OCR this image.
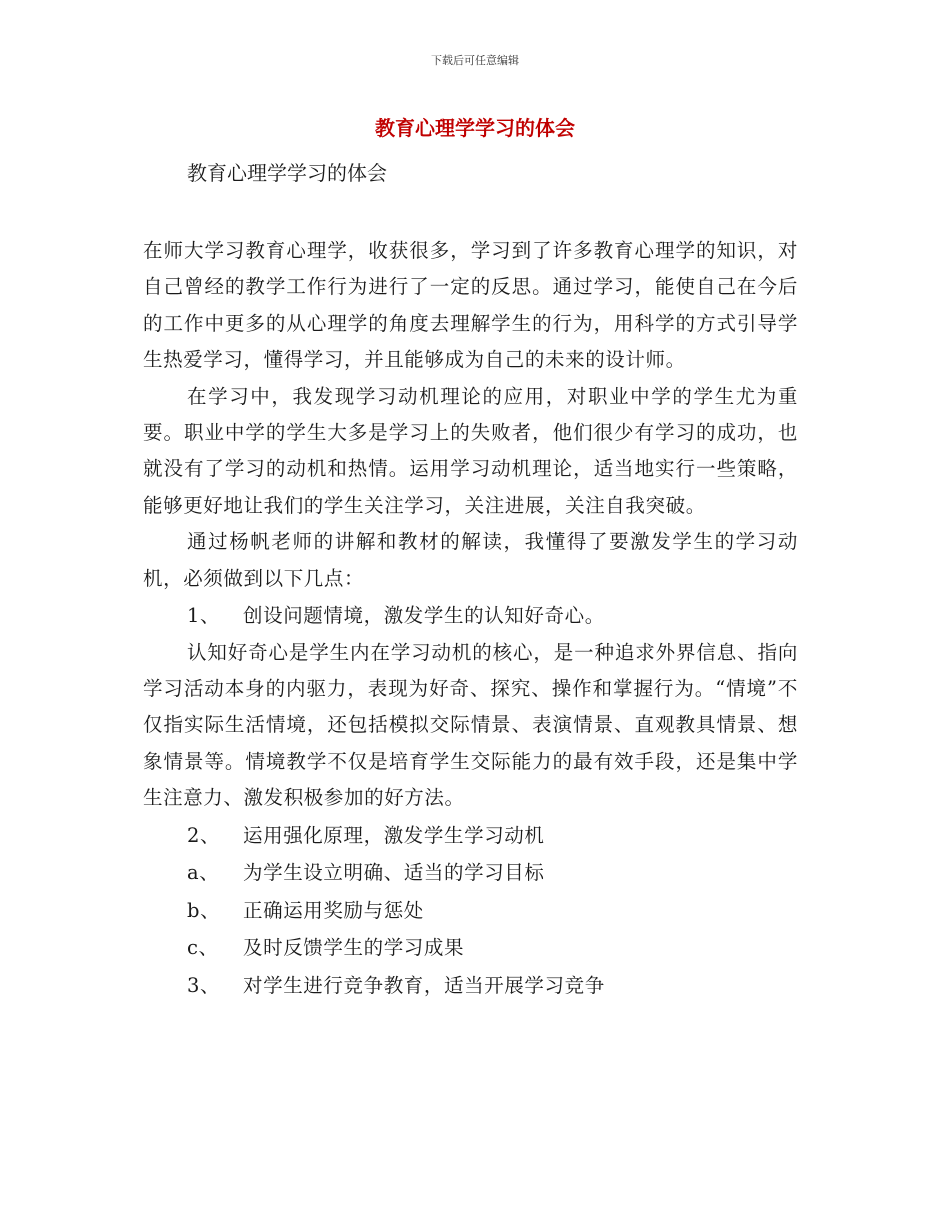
下载后可任意编辑
教育心理学学习的体会
教育心理学学习的体会

在师大学习教育心理学，收获很多，学习到了许多教育心理学的知识，对自己曾经的教学工作行为进行了一定的反思。通过学习，能使自己在今后的工作中更多的从心理学的角度去理解学生的行为，用科学的方式引导学生热爱学习，懂得学习，并且能够成为自己的未来的设计师。

在学习中，我发现学习动机理论的应用，对职业中学的学生尤为重要。职业中学的学生大多是学习上的失败者，他们很少有学习的成功，也就没有了学习的动机和热情。运用学习动机理论，适当地实行一些策略，能够更好地让我们的学生关注学习，关注进展，关注自我突破。

通过杨帆老师的讲解和教材的解读，我懂得了要激发学生的学习动机，必须做到以下几点：

1、 创设问题情境，激发学生的认知好奇心。

认知好奇心是学生内在学习动机的核心，是一种追求外界信息、指向学习活动本身的内驱力，表现为好奇、探究、操作和掌握行为。“情境”不仅指实际生活情境，还包括模拟交际情景、表演情景、直观教具情景、想象情景等。情境教学不仅是培育学生交际能力的最有效手段，还是集中学生注意力、激发积极参加的好方法。

2、 运用强化原理，激发学生学习动机

a、 为学生设立明确、适当的学习目标

b、 正确运用奖励与惩处

c、 及时反馈学生的学习成果

3、 对学生进行竞争教育，适当开展学习竞争
